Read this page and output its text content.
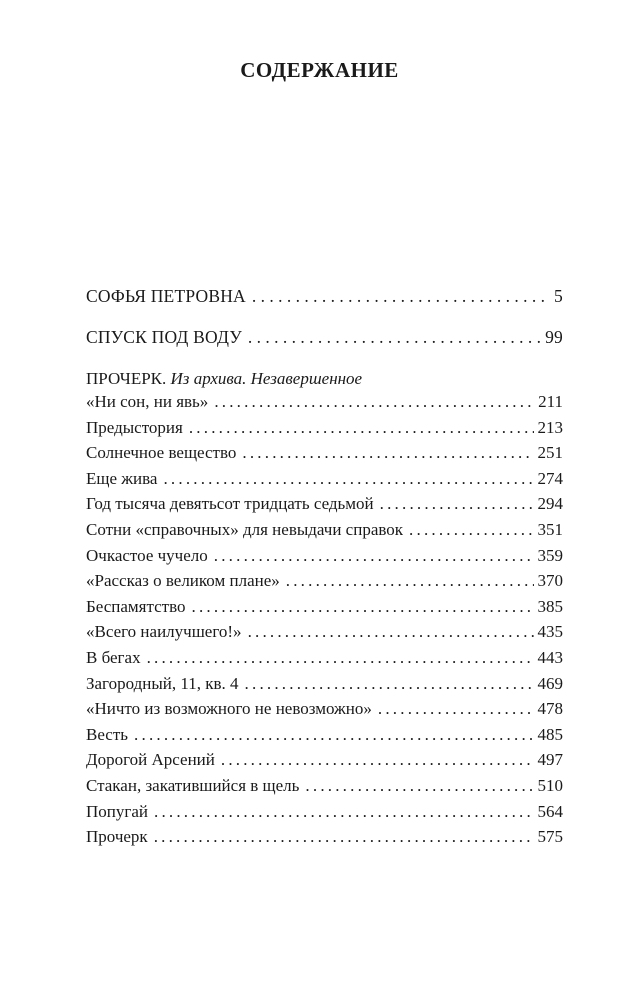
СОДЕРЖАНИЕ
СОФЬЯ ПЕТРОВНА . . .	5
СПУСК ПОД ВОДУ . . .	99
ПРОЧЕРК. Из архива. Незавершенное
«Ни сон, ни явь» .....	211
Предыстория .....	213
Солнечное вещество .....	251
Еще жива .....	274
Год тысяча девятьсот тридцать седьмой .....	294
Сотни «справочных» для невыдачи справок .....	351
Очкастое чучело .....	359
«Рассказ о великом плане» .....	370
Беспамятство .....	385
«Всего наилучшего!» .....	435
В бегах .....	443
Загородный, 11, кв. 4 .....	469
«Ничто из возможного не невозможно» .....	478
Весть .....	485
Дорогой Арсений .....	497
Стакан, закатившийся в щель .....	510
Попугай .....	564
Прочерк .....	575
